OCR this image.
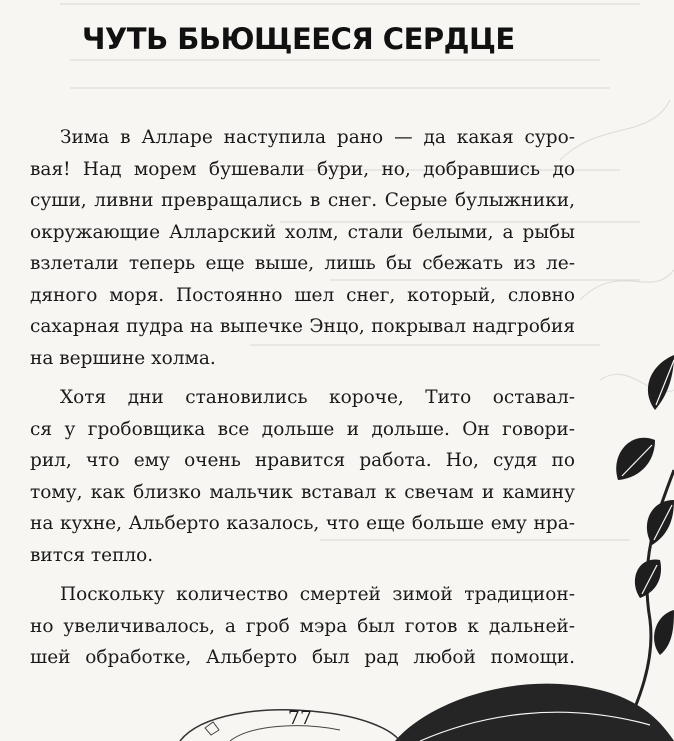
ЧУТЬ БЬЮЩЕЕСЯ СЕРДЦЕ

Зима в Алларе наступила рано — да какая суро-
вая! Над морем бушевали бури, но, добравшись до
суши, ливни превращались в снег. Серые булыжники,
окружающие Алларский холм, стали белыми, а рыбы
взлетали теперь еще выше, лишь бы сбежать из ле-
дяного моря. Постоянно шел снег, который, словно
сахарная пудра на выпечке Энцо, покрывал надгробия
на вершине холма.

Хотя дни становились короче, Тито оставал-
ся у гробовщика все дольше и дольше. Он говори-
рил, что ему очень нравится работа. Но, судя по
тому, как близко мальчик вставал к свечам и камину
на кухне, Альберто казалось, что еще больше ему нра-
вится тепло.

Поскольку количество смертей зимой традицион-
но увеличивалось, а гроб мэра был готов к дальней-
шей обработке, Альберто был рад любой помощи.

77
